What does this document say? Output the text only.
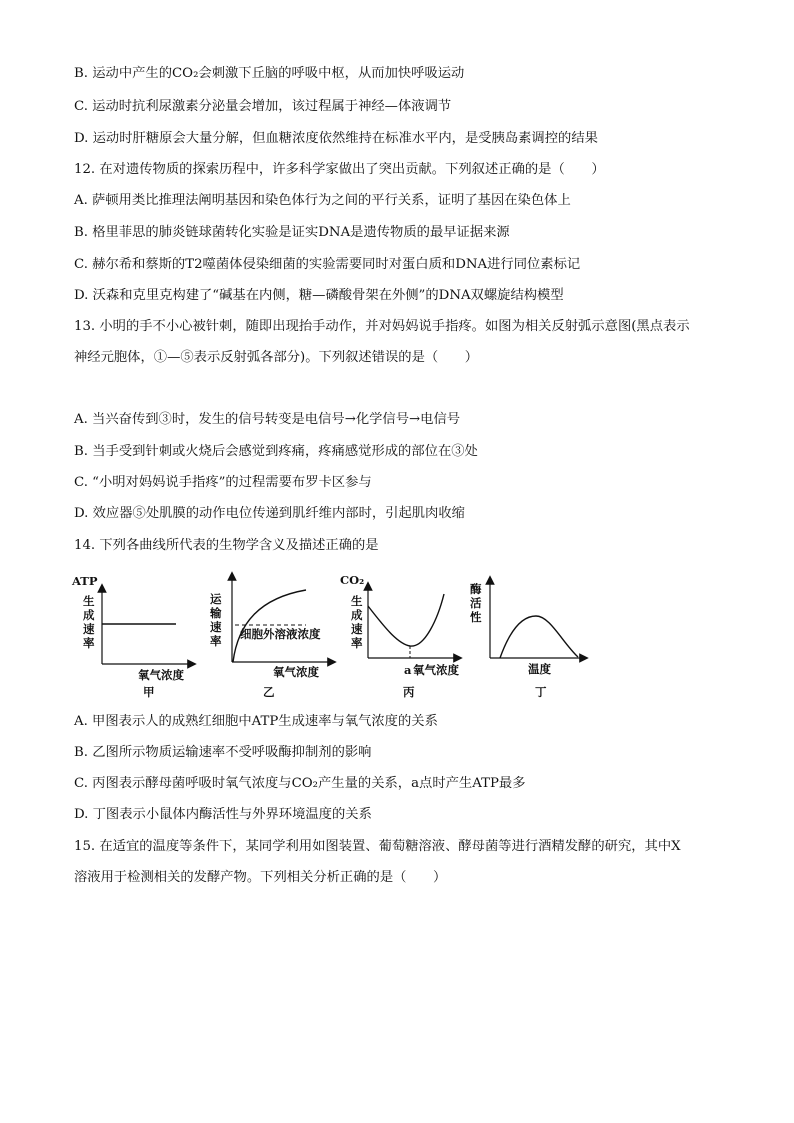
B. 运动中产生的CO₂会刺激下丘脑的呼吸中枢，从而加快呼吸运动
C. 运动时抗利尿激素分泌量会增加，该过程属于神经—体液调节
D. 运动时肝糖原会大量分解，但血糖浓度依然维持在标准水平内，是受胰岛素调控的结果
12. 在对遗传物质的探索历程中，许多科学家做出了突出贡献。下列叙述正确的是（　　）
A. 萨顿用类比推理法阐明基因和染色体行为之间的平行关系，证明了基因在染色体上
B. 格里菲思的肺炎链球菌转化实验是证实DNA是遗传物质的最早证据来源
C. 赫尔希和蔡斯的T2噬菌体侵染细菌的实验需要同时对蛋白质和DNA进行同位素标记
D. 沃森和克里克构建了“碱基在内侧，糖—磷酸骨架在外侧”的DNA双螺旋结构模型
13. 小明的手不小心被针刺，随即出现抬手动作，并对妈妈说手指疼。如图为相关反射弧示意图(黑点表示
神经元胞体，①—⑤表示反射弧各部分)。下列叙述错误的是（　　）
A. 当兴奋传到③时，发生的信号转变是电信号→化学信号→电信号
B. 当手受到针刺或火烧后会感觉到疼痛，疼痛感觉形成的部位在③处
C. “小明对妈妈说手指疼”的过程需要布罗卡区参与
D. 效应器⑤处肌膜的动作电位传递到肌纤维内部时，引起肌肉收缩
14. 下列各曲线所代表的生物学含义及描述正确的是
A. 甲图表示人的成熟红细胞中ATP生成速率与氧气浓度的关系
B. 乙图所示物质运输速率不受呼吸酶抑制剂的影响
C. 丙图表示酵母菌呼吸时氧气浓度与CO₂产生量的关系，a点时产生ATP最多
D. 丁图表示小鼠体内酶活性与外界环境温度的关系
15. 在适宜的温度等条件下，某同学利用如图装置、葡萄糖溶液、酵母菌等进行酒精发酵的研究，其中X
溶液用于检测相关的发酵产物。下列相关分析正确的是（　　）
ATP
生
成
速
率
氧气浓度
甲
运
输
速
率 细胞外溶液浓度
氧气浓度
乙
CO₂
生
成
速
率
a 氧气浓度
丙
酶
活
性
温度
丁
